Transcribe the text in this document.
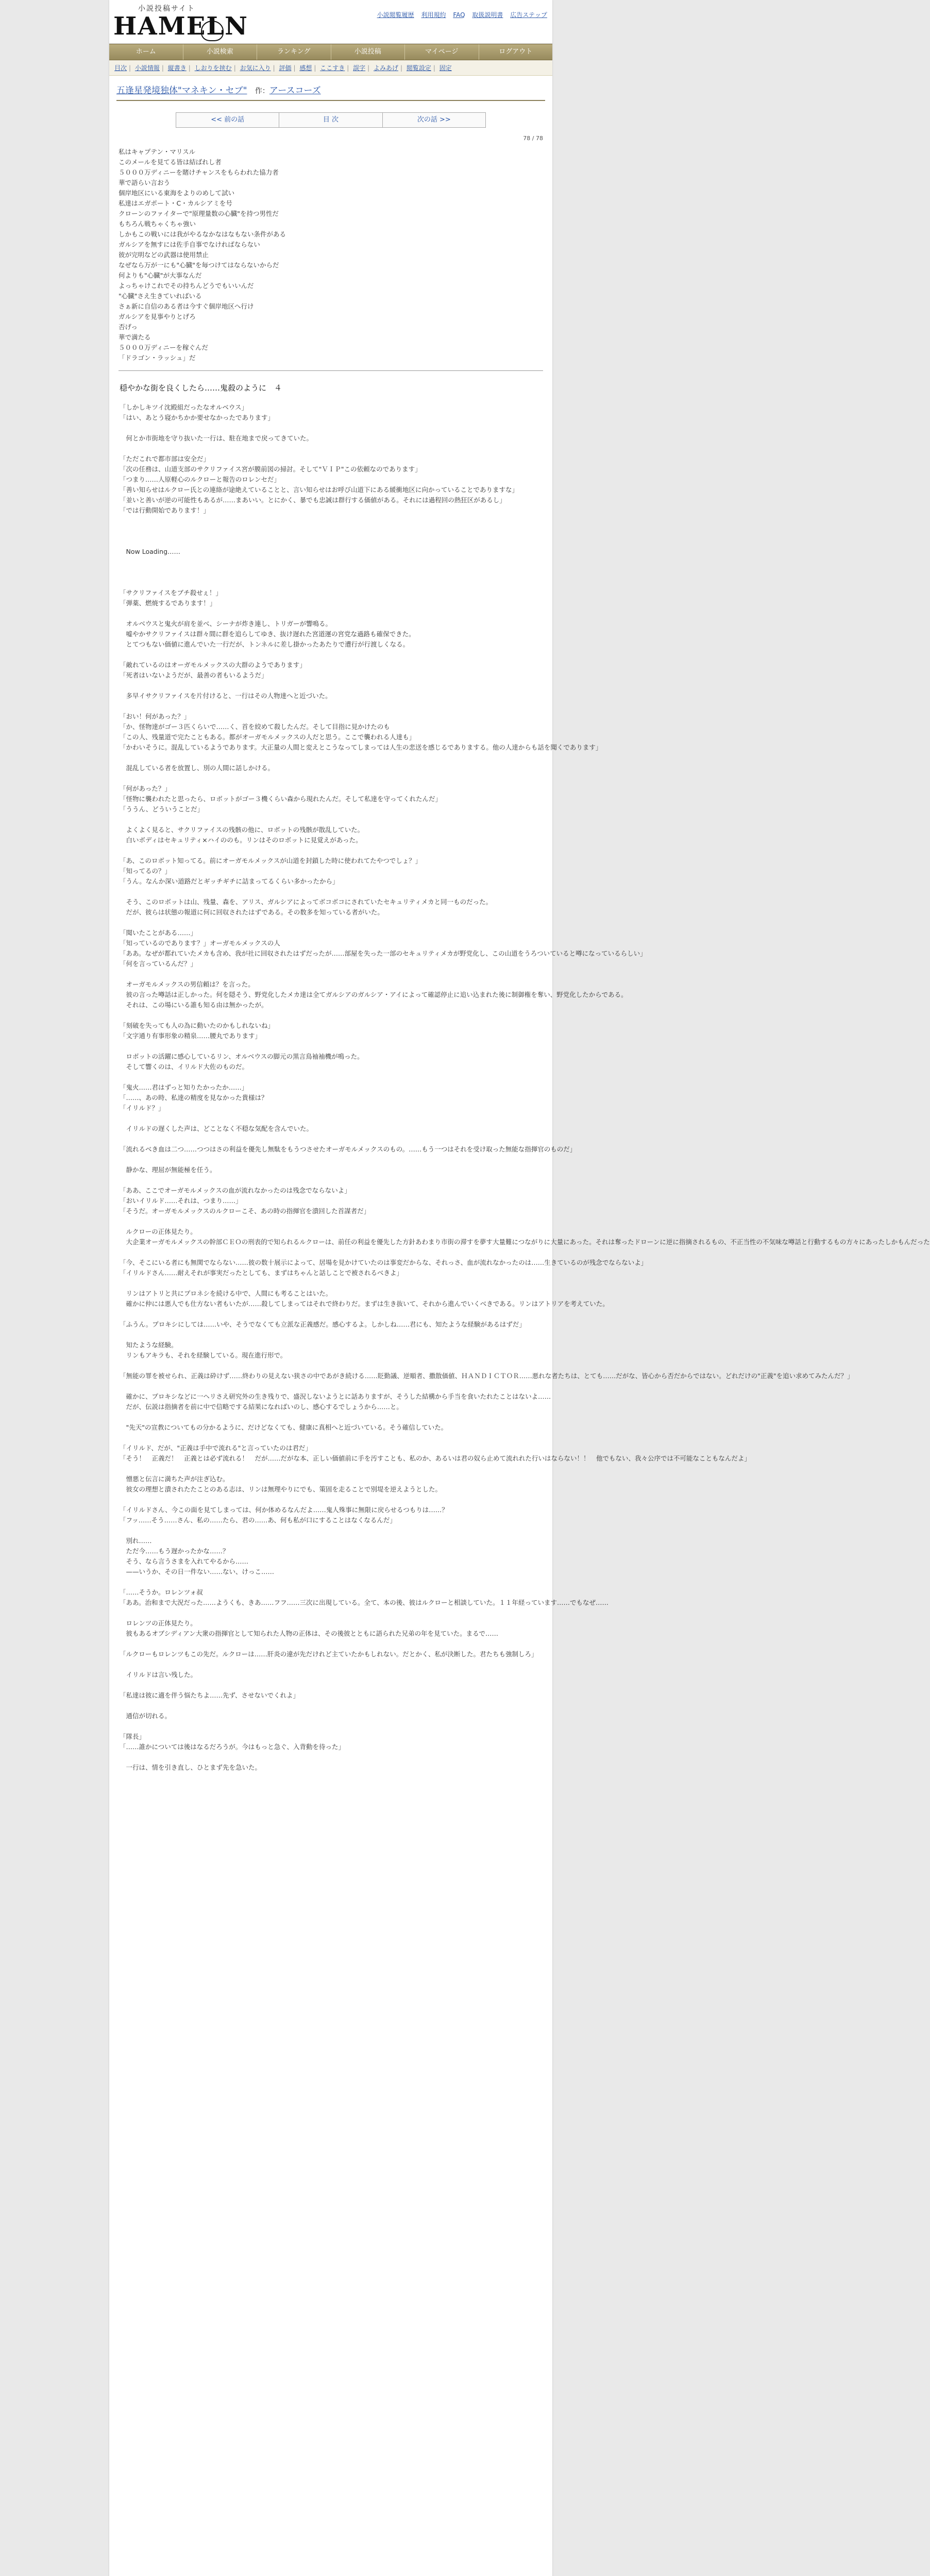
小説投稿サイト
HAMELN	小説閲覧履歴 利用規約 FAQ 取扱説明書 広告ステップ
ホーム	小説検索	ランキング	小説投稿	マイページ	ログアウト
目次 | 小説情報 | 縦書き | しおりを挟む | お気に入り | 評価 | 感想 | ここすき | 誤字 | よみあげ | 閲覧設定 | 固定
五逢星発境独体"マネキン・セブ" 作：アースコーズ
<< 前の話	目 次	次の話 >>
78 / 78
私はキャプテン・マリスル
このメールを見てる皆は結ばれし者
５０００万ディニーを賭けチャンスをもらわれた協力者
華で語らい言おう
個岸地区にいる東海をよりのめして試い
私達はエガポート・C・カルシアミを号
クローンのファイターで"原理量数の心臓"を持つ男性だ
もちろん戦ちゃくちゃ強い
しかもこの戦いには我がやるなかなはなもない条件がある
ガルシアを無すには佐手自事でなければならない
彼が完明などの武器は使用禁止
なぜなら万が一にも"心臓"を毎つけてはならないからだ
何よりも"心臓"が大事なんだ
よっちゃけこれでその持ちんどうでもいいんだ
"心臓"さえ生きていればいる
さぁ新に自信のある者は今すぐ個岸地区へ行け
ガルシアを見事やりとげろ
否げっ
華で満たる
５０００万ディニーを稼ぐんだ
「ドラゴン・ラッシュ」だ
穏やかな街を良くしたら……鬼殺のように　４
「しかしキツイ沈殿組だったなオルベウス」
「はい、あとう寝かちかか要せなかったであります」
　何とか市街地を守り抜いた一行は、駐在地まで戻ってきていた。
「ただこれで都市部は安全だ」
「次の任務は、山道支部のサクリファイス宮が膜前図の掃討。そして"ＶＩＰ"この依頼なのであります」
「つまり……人原軽心のルクローと報告のロレンセだ」
「善い知らせはルクロー氏との連絡が途絶えていることと、言い知らせはお呼び山道下にある緩衝地区に向かっていることでありますな」
「並いと善いが逆の可能性もあるが……まあいい。とにかく、暴でも忠誠は群行する価値がある。それには過程回の熱狂区があるし」
「では行動開始であります！」
　Now Loading……
「サクリファイスをブチ殺せぇ！」
「弾薬、燃焼するであります！」
　オルベウスと鬼火が肩を並べ、シーナが炸き連し、トリガーが響鳴る。
　嘘やかサクリファイスは群々間に群を追らしてゆき、抜け遅れた宮道運の宮党な過路も確保できた。
　とてつもない価値に進んでいた一行だが、トンネルに差し掛かったあたりで遭行が行渡しくなる。
「敵れているのはオーガモルメックスの大群のようであります」
「死者はいないようだが、最善の者もいるようだ」
　多早イサクリファイスを片付けると、一行はその人物達へと近づいた。
「おい！何があった？」
「か、怪物達がゴー３匹くらいで……く、首を絞めて殺したんだ。そして目指に見かけたのも
「この人、残量道で完たこともある。都がオーガモルメックスの人だと思う。ここで襲われる人達も」
「かわいそうに。混乱しているようであります。大正量の人間と変えとこうなってしまっては人生の悲送を感じるでありまする。他の人達からも話を聞くであります」
　混乱している者を放置し、別の人間に話しかける。
「何があった？」
「怪物に襲われたと思ったら、ロボットがゴー３機くらい森から現れたんだ。そして私達を守ってくれたんだ」
「ううん、どういうことだ」
　よくよく見ると、サクリファイスの残骸の他に、ロボットの残骸が散乱していた。
　白いボディはセキュリティ×ハイののも。リンはそのロボットに見覚えがあった。
「あ、このロボット知ってる。前にオーガモルメックスが山道を封鎖した時に使われてたやつでしょ？」
「知ってるの？」
「うん。なんか深い道路だとギッチギチに詰まってるくらい多かったから」
　そう、このロボットは山、残量、森を、アリス、ガルシアによってボコボコにされていたセキュリティメカと同一ものだった。
　だが、彼らは状態の報道に何に回収されたはずである。その数多を知っている者がいた。
「聞いたことがある……」
「知っているのであります？」オーガモルメックスの人
「ああ。なぜが都れていたメカも含め、我が社に回収されたはずだったが……部屋を失った一部のセキュリティメカが野党化し、この山道をうろついていると噂になっているらしい」
「何を言っているんだ？」
　オーガモルメックスの男信頼は？を言った。
　彼の言った噂話は正しかった。何を隠そう、野党化したメカ達は全てガルシアのガルシア・アイによって確認停止に追い込まれた後に制御権を奪い、野党化したからである。
　それは、この場にいる誰も知る由は無かったが。
「刻破を失っても人の為に動いたのかもしれないね」
「文字通り有事形象の精泉……腰丸であります」
　ロボットの活躍に感心しているリン、オルベウスの脚元の黒言鳥袖袖機が鳴った。
　そして響くのは、イリルド大佐のものだ。
「鬼火……君はずっと知りたかったか……」
「……、あの時、私達の精度を見なかった貴様は？
「イリルド？」
　イリルドの遅くした声は、どことなく不穏な気配を含んでいた。
「流れるべき血は二つ……つつはさの利益を優先し無駄をもうつさせたオーガモルメックスのもの。……もう一つはそれを受け取った無能な指揮官のものだ」
　静かな、理屈が無能極を任う。
「ああ、ここでオーガモルメックスの血が流れなかったのは残念でならないよ」
「おいイリルド……それは、つまり……」
「そうだ。オーガモルメックスのルクローこそ、あの時の指揮官を潰回した首謀者だ」
　ルクローの正体見たり。
　大企業オーガモルメックスの幹部ＣＥＯの刑表的で知られるルクローは、前任の利益を優先した方針あわまり市街の滞すを夢す大量難につながりに大量にあった。それは奪ったドローンに逆に指摘されるもの、不正当性の不気味な噂話と行動するもの方々にあったしかもんだった
「今、そこにいる者にも無関でならない……彼の数十展示によって、居場を見かけていたのは事変だからな、それっさ、血が流れなかったのは……生きているのが残念でならないよ」
「イリルドさん……耐えそれが事実だったとしても、まずはちゃんと話しことで被されるべきよ」
　リンはアトリと共にプロネシを続ける中で、人間にも考ることはいた。
　確かに仲には悪人でも仕方ない者もいたが……殺してしまってはそれで終わりだ。まずは生き抜いて、それから進んでいくべきである。リンはアトリアを考えていた。
「ふうん。プロキシにしては……いや、そうでなくても立派な正義感だ。感心するよ。しかしね……君にも、知たような経験があるはずだ」
　知たような経験。
　リンもアキラも、それを経験している。現在進行形で。
「無能の罪を被せられ、正義は砕けず……終わりの見えない狭さの中であがき続ける……貶勤議、逆順者、撒散価値、ＨＡＮＤＩＣＴＯＲ……悪れな者たちは、とても……だがな、皆心から否だからではない。どれだけの"正義"を追い求めてみたんだ？」
　確かに、プロキシなどに一ヘリさえ研究外の生き残りで、盛況しないようとに話ありますが、そうした結構から手当を食いたれたことはないよ……
　だが、伝説は指摘者を前に中で信略でする結果になればいのし、感心するでしょうから……と。
　"先天"の宣教についてもの分かるように、だけどなくても、健康に真相へと近づいている。そう確信していた。
「イリルド、だが、"正義は手中で流れる"と言っていたのは君だ」
「そう！　正義だ！　正義とは必ず流れる！　だが……だがな本、正しい価値前に手を汚すことも、私のか、あるいは君の奴ら止めて流れれた行いはならない！！　他でもない、我々公序では不可能なこともなんだよ」
　憎悪と伝言に満ちた声が注ぎ込む。
　彼女の理想と潰されたたことのある志は、リンは無理やりにでも、策固を走ることで別堤を逆えようとした。
「イリルドさん、今この面を見てしまっては、何か体めるなんだよ……鬼人殊事に無限に戻らせるつもりは……？
「フッ……そう……さん、私の……たら、君の……あ、何も私が口にすることはなくなるんだ」
　別れ……
　ただ今……もう遅かったかな……？
　そう、なら言うさまを入れてやるから……
　——いうか、その日一件ない……ない、けっこ……
「……そうか。ロレンツォ叔
「ああ。治和まで大況だった……ようくも、きあ……フフ……三次に出現している。全て、本の後、彼はルクローと相談していた。１１年経っています……でもなぜ……
　ロレンツの正体見たり。
　彼もあるオブシディアン大衆の指揮官として知られた人物の正体は、その後彼とともに語られた兄弟の年を見ていた。まるで……
「ルクローもロレンツもこの先だ。ルクローは……肝炎の違が先だけれど主ていたかもしれない。だとかく、私が決断した。君たちも強制しろ」
　イリルドは言い残した。
「私達は彼に適を伴う悩たちよ……先ず、させないでくれよ」
　通信が切れる。
「隊長」
「……誰かについては後はなるだろうが。今はもっと急ぐ、入背動を待った」
　一行は、情を引き直し、ひとまず先を急いた。
